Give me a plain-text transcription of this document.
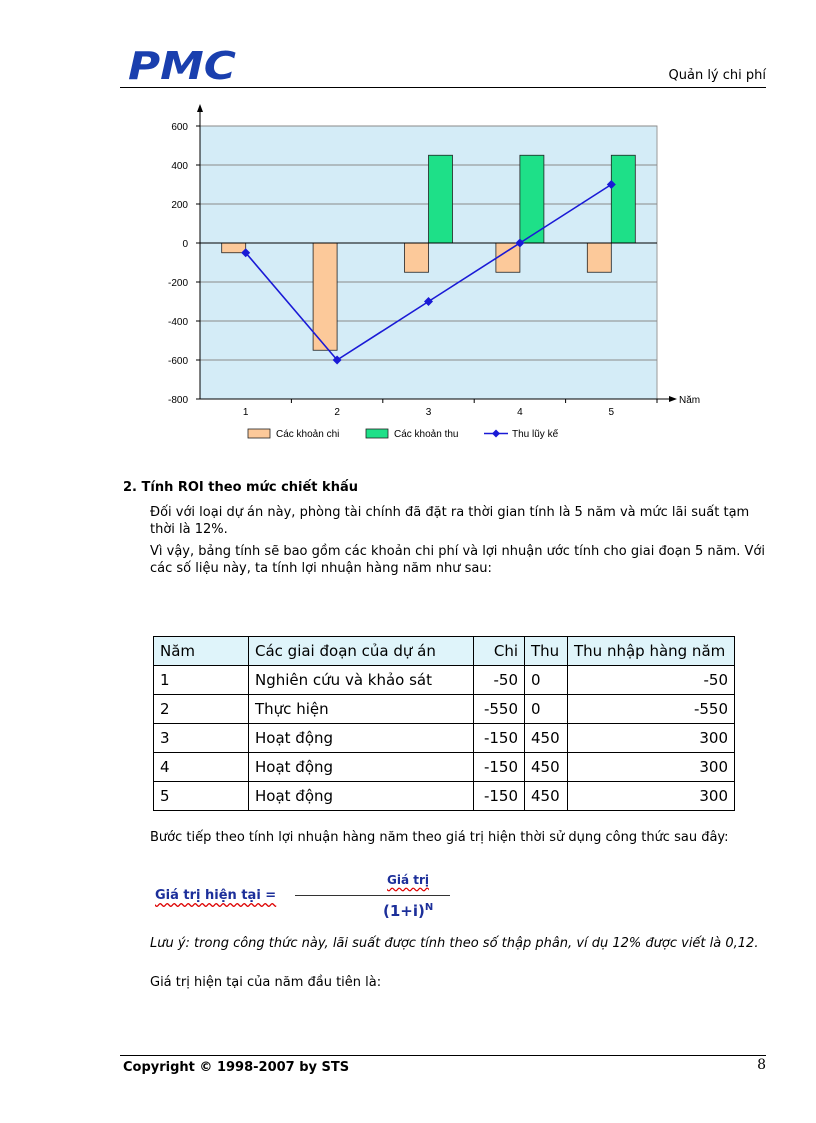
PMC	Quản lý chi phí
600
400
200
0
-200
-400
-600
-800	Năm
1	2	3	4	5
Các khoản chi	Các khoản thu	Thu lũy kế
2. Tính ROI theo mức chiết khấu
Đối với loại dự án này, phòng tài chính đã đặt ra thời gian tính là 5 năm và mức lãi suất tạm thời là 12%.
Vì vậy, bảng tính sẽ bao gồm các khoản chi phí và lợi nhuận ước tính cho giai đoạn 5 năm. Với các số liệu này, ta tính lợi nhuận hàng năm như sau:
Năm	Các giai đoạn của dự án	Chi	Thu	Thu nhập hàng năm
1	Nghiên cứu và khảo sát	-50	0	-50
2	Thực hiện	-550	0	-550
3	Hoạt động	-150	450	300
4	Hoạt động	-150	450	300
5	Hoạt động	-150	450	300
Bước tiếp theo tính lợi nhuận hàng năm theo giá trị hiện thời sử dụng công thức sau đây:
Giá trị hiện tại =
Giá trị
$(1+i)^N$
Lưu ý: trong công thức này, lãi suất được tính theo số thập phân, ví dụ 12% được viết là 0,12.
Giá trị hiện tại của năm đầu tiên là:
Copyright © 1998-2007 by STS	8
